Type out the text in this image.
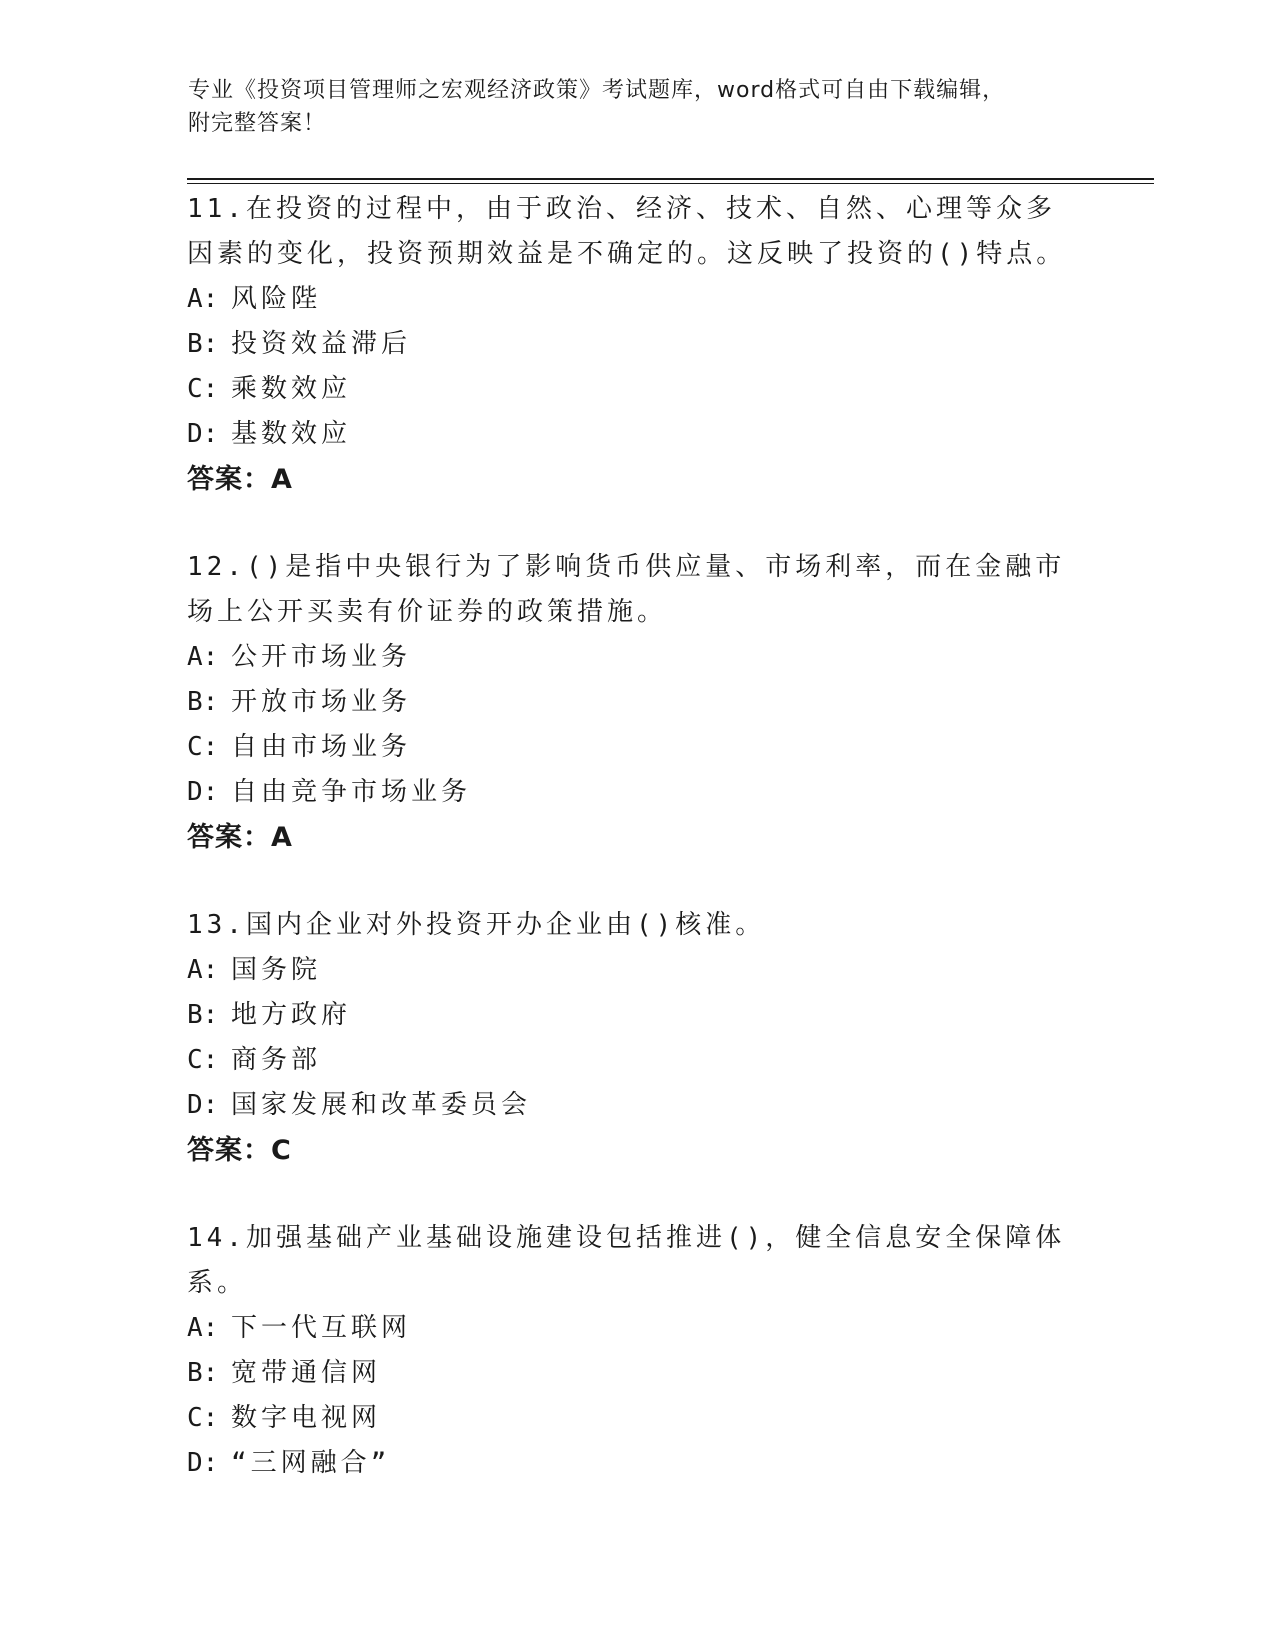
专业《投资项目管理师之宏观经济政策》考试题库，word格式可自由下载编辑，
附完整答案！
11.在投资的过程中，由于政治、经济、技术、自然、心理等众多因素的变化，投资预期效益是不确定的。这反映了投资的()特点。
A: 风险陛
B: 投资效益滞后
C: 乘数效应
D: 基数效应
答案：A
12.()是指中央银行为了影响货币供应量、市场利率，而在金融市场上公开买卖有价证券的政策措施。
A: 公开市场业务
B: 开放市场业务
C: 自由市场业务
D: 自由竞争市场业务
答案：A
13.国内企业对外投资开办企业由()核准。
A: 国务院
B: 地方政府
C: 商务部
D: 国家发展和改革委员会
答案：C
14.加强基础产业基础设施建设包括推进()，健全信息安全保障体系。
A: 下一代互联网
B: 宽带通信网
C: 数字电视网
D: “三网融合”
